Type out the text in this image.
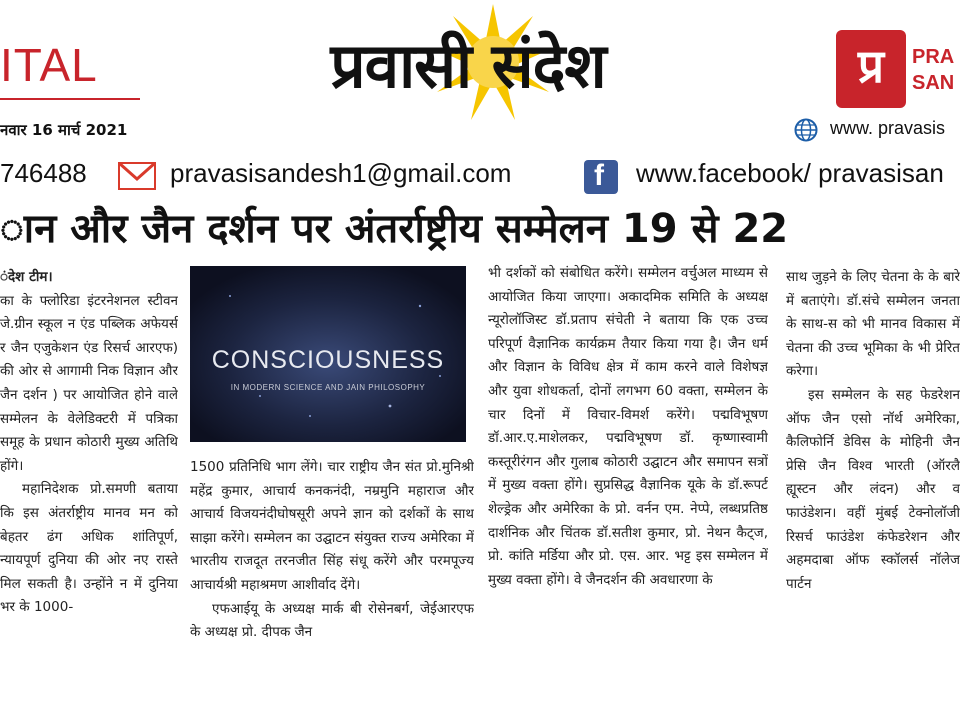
ITAL
नवार 16 मार्च 2021
प्रवासी संदेश	प्र	PRA
SAN
www. pravasis
746488	pravasisandesh1@gmail.com	f www.facebook/ pravasisan
ान और जैन दर्शन पर अंतर्राष्ट्रीय सम्मेलन 19 से 22

ंदेश टीम।

का के फ्लोरिडा इंटरनेशनल स्टीवन जे.ग्रीन स्कूल न एंड पब्लिक अफेयर्स र जैन एजुकेशन एंड रिसर्च आरएफ) की ओर से आगामी निक विज्ञान और जैन दर्शन ) पर आयोजित होने वाले सम्मेलन के वेलेडिक्टरी में पत्रिका समूह के प्रधान कोठारी मुख्य अतिथि होंगे।

महानिदेशक प्रो.समणी बताया कि इस अंतर्राष्ट्रीय मानव मन को बेहतर ढंग अधिक शांतिपूर्ण, न्यायपूर्ण दुनिया की ओर नए रास्ते मिल सकती है। उन्होंने न में दुनिया भर के 1000-

CONSCIOUSNESS
IN MODERN SCIENCE AND JAIN PHILOSOPHY

1500 प्रतिनिधि भाग लेंगे। चार राष्ट्रीय जैन संत प्रो.मुनिश्री महेंद्र कुमार, आचार्य कनकनंदी, नम्रमुनि महाराज और आचार्य विजयनंदीघोषसूरी अपने ज्ञान को दर्शकों के साथ साझा करेंगे। सम्मेलन का उद्घाटन संयुक्त राज्य अमेरिका में भारतीय राजदूत तरनजीत सिंह संधू करेंगे और परमपूज्य आचार्यश्री महाश्रमण आशीर्वाद देंगे।

एफआईयू के अध्यक्ष मार्क बी रोसेनबर्ग, जेईआरएफ के अध्यक्ष प्रो. दीपक जैन

भी दर्शकों को संबोधित करेंगे। सम्मेलन वर्चुअल माध्यम से आयोजित किया जाएगा। अकादमिक समिति के अध्यक्ष न्यूरोलॉजिस्ट डॉ.प्रताप संचेती ने बताया कि एक उच्च परिपूर्ण वैज्ञानिक कार्यक्रम तैयार किया गया है। जैन धर्म और विज्ञान के विविध क्षेत्र में काम करने वाले विशेषज्ञ और युवा शोधकर्ता, दोनों लगभग 60 वक्ता, सम्मेलन के चार दिनों में विचार-विमर्श करेंगे। पद्मविभूषण डॉ.आर.ए.माशेलकर, पद्मविभूषण डॉ. कृष्णास्वामी कस्तूरीरंगन और गुलाब कोठारी उद्घाटन और समापन सत्रों में मुख्य वक्ता होंगे। सुप्रसिद्ध वैज्ञानिक यूके के डॉ.रूपर्ट शेल्ड्रेक और अमेरिका के प्रो. वर्नन एम. नेप्पे, लब्धप्रतिष्ठ दार्शनिक और चिंतक डॉ.सतीश कुमार, प्रो. नेथन कैट्ज, प्रो. कांति मर्डिया और प्रो. एस. आर. भट्ट इस सम्मेलन में मुख्य वक्ता होंगे। वे जैनदर्शन की अवधारणा के

साथ जुड़ने के लिए चेतना के के बारे में बताएंगे। डॉ.संचे सम्मेलन जनता के साथ-स को भी मानव विकास में चेतना की उच्च भूमिका के भी प्रेरित करेगा।

इस सम्मेलन के सह फेडरेशन ऑफ जैन एसो नॉर्थ अमेरिका, कैलिफोर्नि डेविस के मोहिनी जैन प्रेसि जैन विश्व भारती (ऑरलै ह्यूस्टन और लंदन) और व फाउंडेशन। वहीं मुंबई टेक्नोलॉजी रिसर्च फाउंडेश कंफेडरेशन और अहमदाबा ऑफ स्कॉलर्स नॉलेज पार्टन
